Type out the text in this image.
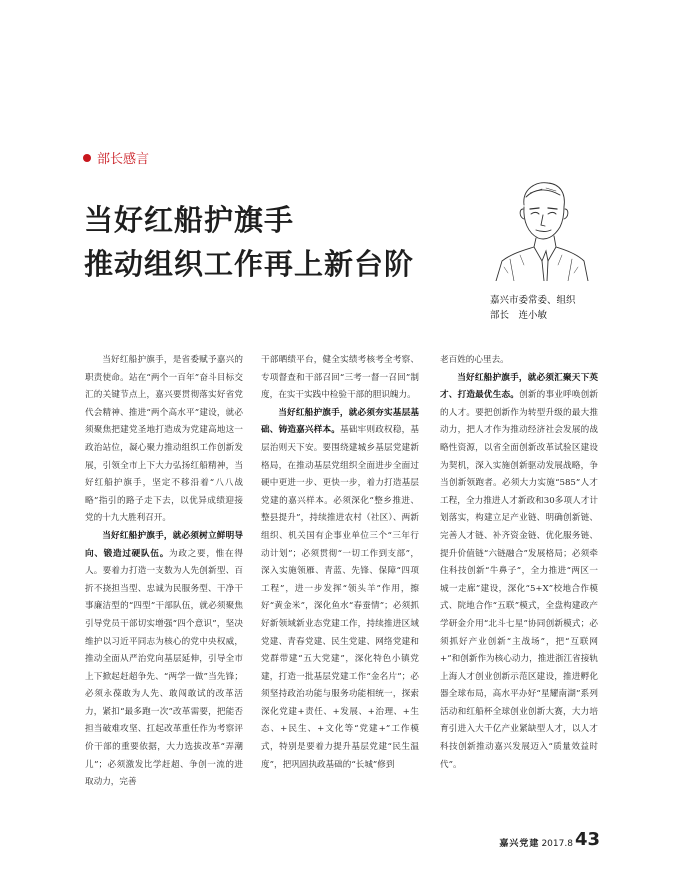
部长感言
当好红船护旗手
推动组织工作再上新台阶
嘉兴市委常委、组织
部长　连小敏

当好红船护旗手，是省委赋予嘉兴的职责使命。站在“两个一百年”奋斗目标交汇的关键节点上，嘉兴要贯彻落实好省党代会精神、推进“两个高水平”建设，就必须聚焦把建党圣地打造成为党建高地这一政治站位，凝心聚力推动组织工作创新发展，引领全市上下大力弘扬红船精神，当好红船护旗手，坚定不移沿着“八八战略”指引的路子走下去，以优异成绩迎接党的十九大胜利召开。

当好红船护旗手，就必须树立鲜明导向、锻造过硬队伍。为政之要，惟在得人。要着力打造一支数为人先创新型、百折不挠担当型、忠诚为民服务型、干净干事廉洁型的“四型”干部队伍，就必须聚焦引导党员干部切实增强“四个意识”，坚决维护以习近平同志为核心的党中央权威，推动全面从严治党向基层延伸，引导全市上下掀起赶超争先、“两学一做”当先锋；必须永葆敢为人先、敢闯敢试的改革活力，紧扣“最多跑一次”改革需要，把能否担当破难攻坚、扛起改革重任作为考察评价干部的重要依据，大力选拔改革“弄潮儿”；必须激发比学赶超、争创一流的进取动力，完善

干部晒绩平台，健全实绩考核考全考察、专项督查和干部召回“三考一督一召回”制度，在实干实践中检验干部的胆识魄力。

当好红船护旗手，就必须夯实基层基础、铸造嘉兴样本。基础牢则政权稳，基层治则天下安。要围绕建城乡基层党建新格局，在推动基层党组织全面进步全面过硬中更进一步、更快一步，着力打造基层党建的嘉兴样本。必须深化“整乡推进、整县提升”，持续推进农村（社区）、两新组织、机关国有企事业单位三个“三年行动计划”；必须贯彻“一切工作到支部”，深入实施领雁、青蓝、先锋、保障“四项工程”，进一步发挥“领头羊”作用，擦好“黄金米”，深化鱼水“春蚕情”；必须抓好新领域新业态党建工作，持续推进区域党建、青春党建、民生党建、网络党建和党群带建“五大党建”，深化特色小镇党建，打造一批基层党建工作“金名片”；必须坚持政治功能与服务功能相统一，探索深化党建+责任、+发展、+治理、+生态、+民生、+文化等“党建+”工作模式，特别是要着力提升基层党建“民生温度”，把巩固执政基础的“长城”修到

老百姓的心里去。

当好红船护旗手，就必须汇聚天下英才、打造最优生态。创新的事业呼唤创新的人才。要把创新作为转型升级的最大推动力，把人才作为推动经济社会发展的战略性资源，以省全面创新改革试验区建设为契机，深入实施创新驱动发展战略，争当创新领跑者。必须大力实施“585”人才工程，全力推进人才新政和30多项人才计划落实，构建立足产业链、明确创新链、完善人才链、补齐资金链、优化服务链、提升价值链“六链融合”发展格局；必须牵住科技创新“牛鼻子”，全力推进“两区一城一走廊”建设，深化“5+X”校地合作模式、院地合作“五联”模式，全盘构建政产学研金介用“北斗七星”协同创新模式；必须抓好产业创新“主战场”，把“互联网+”和创新作为核心动力，推进浙江省接轨上海人才创业创新示范区建设，推进孵化器全球布局，高水平办好“星耀南湖”系列活动和红船杯全球创业创新大赛，大力培育引进入大千亿产业紧缺型人才，以人才科技创新推动嘉兴发展迈入“质量效益时代”。

嘉兴党建 2017.8 43
